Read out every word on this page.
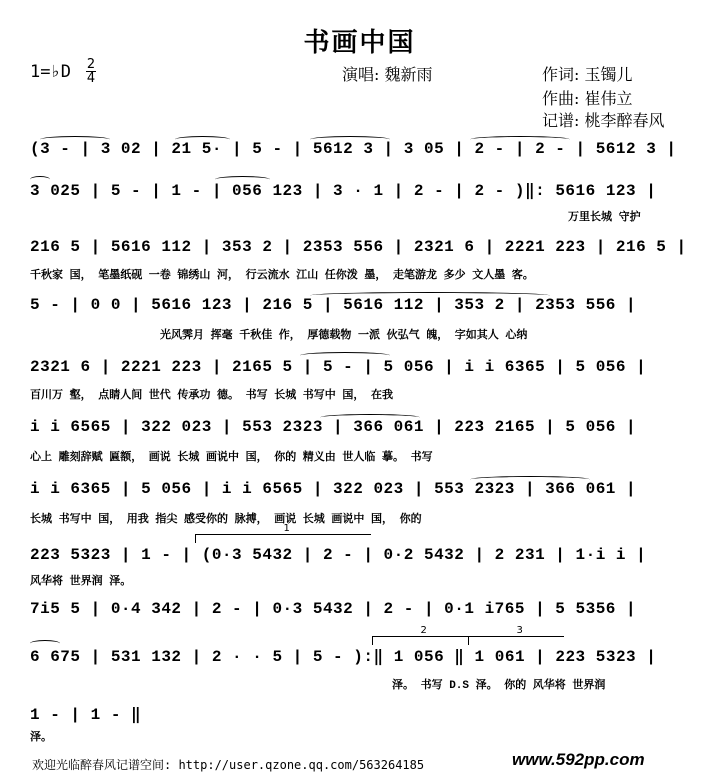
书画中国
1=♭D 2
4	演唱: 魏新雨	作词: 玉镯儿
作曲: 崔伟立
记谱: 桃李醉春风
(3 - | 3 02 | 21 5· | 5 - | 5612 3 | 3 05 | 2 - | 2 - | 5612 3 |
3 025 | 5 - | 1 - | 056 123 | 3 · 1 | 2 - | 2 - )‖: 5616 123 |
万里长城 守护
216 5 | 5616 112 | 353 2 | 2353 556 | 2321 6 | 2221 223 | 216 5 |
千秋家 国， 笔墨纸砚 一卷 锦绣山 河， 行云流水 江山 任你泼 墨， 走笔游龙 多少 文人墨 客。
5 - | 0 0 | 5616 123 | 216 5 | 5616 112 | 353 2 | 2353 556 |
光风霁月 挥毫 千秋佳 作， 厚德载物 一派 伙弘气 魄， 字如其人 心纳
2321 6 | 2221 223 | 2165 5 | 5 - | 5 056 | i i 6365 | 5 056 |
百川万 壑， 点睛人间 世代 传承功 德。 书写 长城 书写中 国， 在我
i i 6565 | 322 023 | 553 2323 | 366 061 | 223 2165 | 5 056 |
心上 雕刻辞赋 匾额， 画说 长城 画说中 国， 你的 精义由 世人临 摹。 书写
i i 6365 | 5 056 | i i 6565 | 322 023 | 553 2323 | 366 061 |
长城 书写中 国， 用我 指尖 感受你的 脉搏， 画说 长城 画说中 国， 你的
223 5323 | 1 - | (0·3 5432 | 2 - | 0·2 5432 | 2 231 | 1·i i |
风华将 世界润 泽。
7i5 5 | 0·4 342 | 2 - | 0·3 5432 | 2 - | 0·1 i765 | 5 5356 |
6 675 | 531 132 | 2 · · 5 | 5 - ):‖ 1 056 ‖ 1 061 | 223 5323 |
泽。 书写 D.S 泽。 你的 风华将 世界润
1 - | 1 - ‖
泽。
1
2	3
欢迎光临醉春风记谱空间: http://user.qzone.qq.com/563264185	www.592pp.com
